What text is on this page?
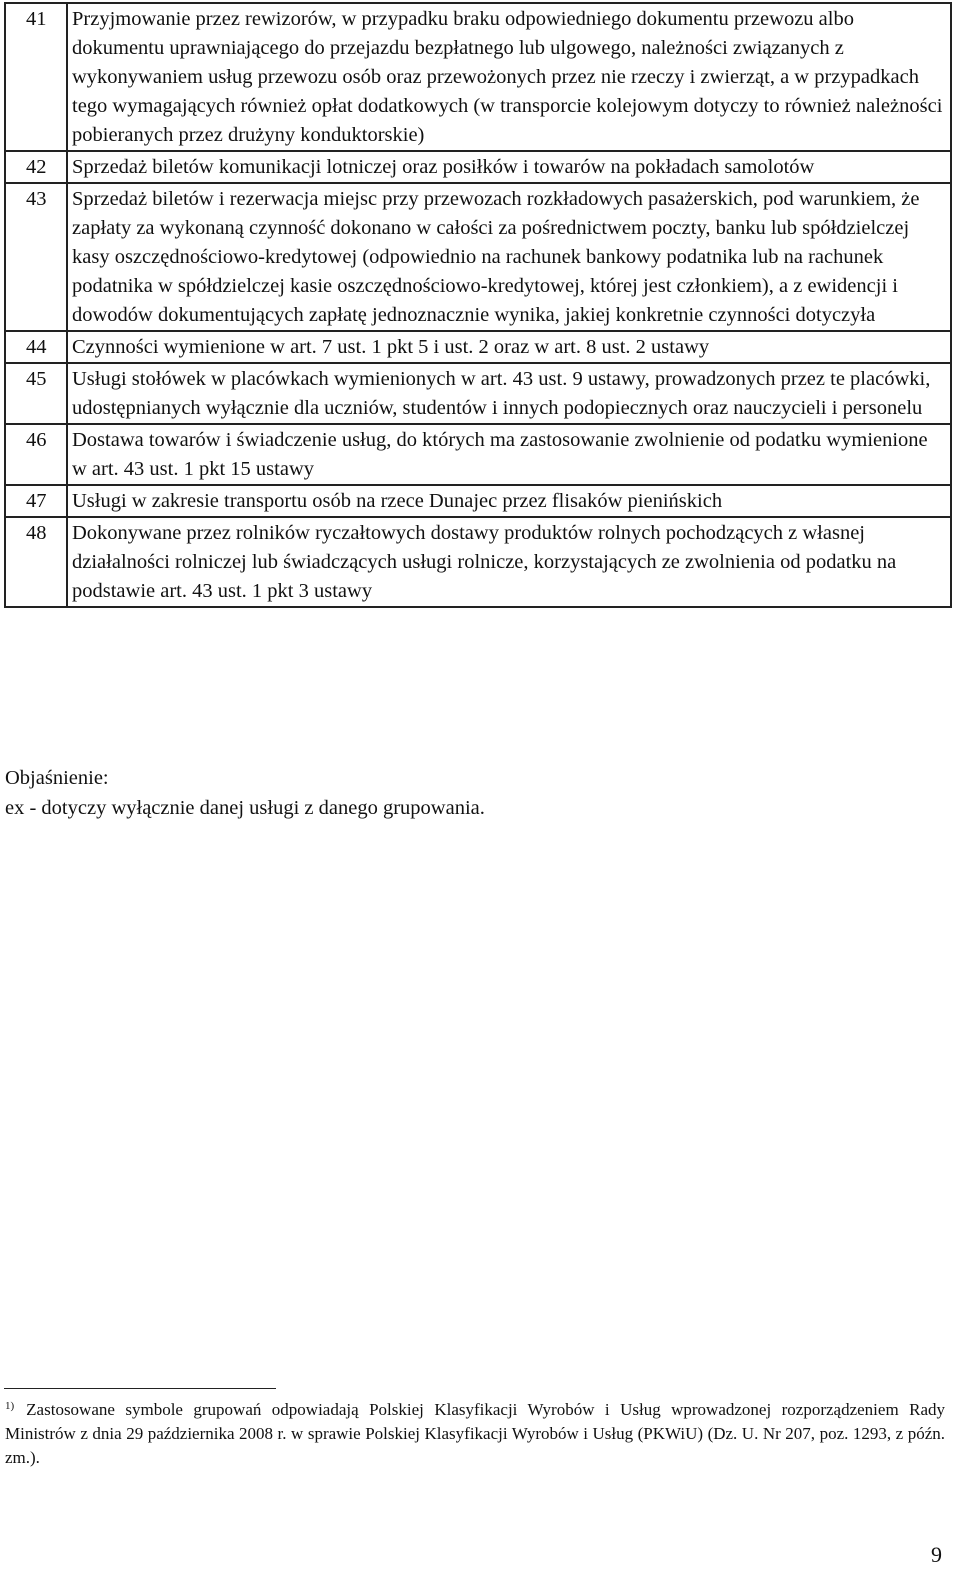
41	Przyjmowanie przez rewizorów, w przypadku braku odpowiedniego dokumentu przewozu albo dokumentu uprawniającego do przejazdu bezpłatnego lub ulgowego, należności związanych z wykonywaniem usług przewozu osób oraz przewożonych przez nie rzeczy i zwierząt, a w przypadkach tego wymagających również opłat dodatkowych (w transporcie kolejowym dotyczy to również należności pobieranych przez drużyny konduktorskie)
42	Sprzedaż biletów komunikacji lotniczej oraz posiłków i towarów na pokładach samolotów
43	Sprzedaż biletów i rezerwacja miejsc przy przewozach rozkładowych pasażerskich, pod warunkiem, że zapłaty za wykonaną czynność dokonano w całości za pośrednictwem poczty, banku lub spółdzielczej kasy oszczędnościowo-kredytowej (odpowiednio na rachunek bankowy podatnika lub na rachunek podatnika w spółdzielczej kasie oszczędnościowo-kredytowej, której jest członkiem), a z ewidencji i dowodów dokumentujących zapłatę jednoznacznie wynika, jakiej konkretnie czynności dotyczyła
44	Czynności wymienione w art. 7 ust. 1 pkt 5 i ust. 2 oraz w art. 8 ust. 2 ustawy
45	Usługi stołówek w placówkach wymienionych w art. 43 ust. 9 ustawy, prowadzonych przez te placówki, udostępnianych wyłącznie dla uczniów, studentów i innych podopiecznych oraz nauczycieli i personelu
46	Dostawa towarów i świadczenie usług, do których ma zastosowanie zwolnienie od podatku wymienione w art. 43 ust. 1 pkt 15 ustawy
47	Usługi w zakresie transportu osób na rzece Dunajec przez flisaków pienińskich
48	Dokonywane przez rolników ryczałtowych dostawy produktów rolnych pochodzących z własnej działalności rolniczej lub świadczących usługi rolnicze, korzystających ze zwolnienia od podatku na podstawie art. 43 ust. 1 pkt 3 ustawy
Objaśnienie:
ex - dotyczy wyłącznie danej usługi z danego grupowania.
$^{1)}$ Zastosowane symbole grupowań odpowiadają Polskiej Klasyfikacji Wyrobów i Usług wprowadzonej rozporządzeniem Rady Ministrów z dnia 29 października 2008 r. w sprawie Polskiej Klasyfikacji Wyrobów i Usług (PKWiU) (Dz. U. Nr 207, poz. 1293, z późn. zm.).
9
